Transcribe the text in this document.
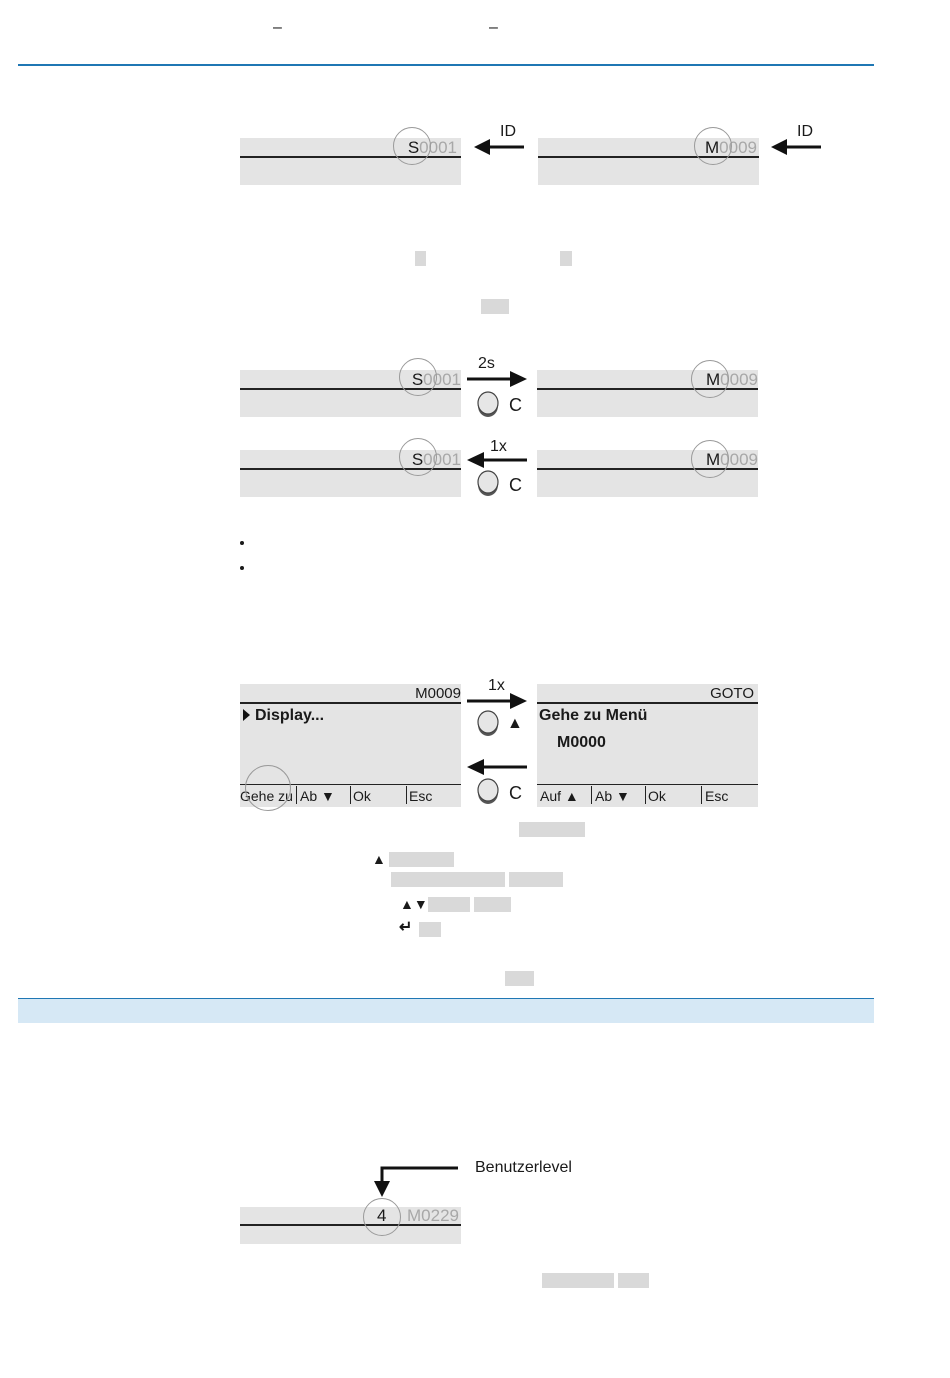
–	–
S0001
ID
M0009
ID
S0001
2s
C
M0009
S0001
1x
C
M0009
M0009
Display...
Gehe zu Ab ▼ Ok	Esc
1x
▲
C
GOTO
Gehe zu Menü
M0000
Auf ▲ Ab ▼ Ok	Esc
▲
▲▼
↵
Benutzerlevel
4 M0229
